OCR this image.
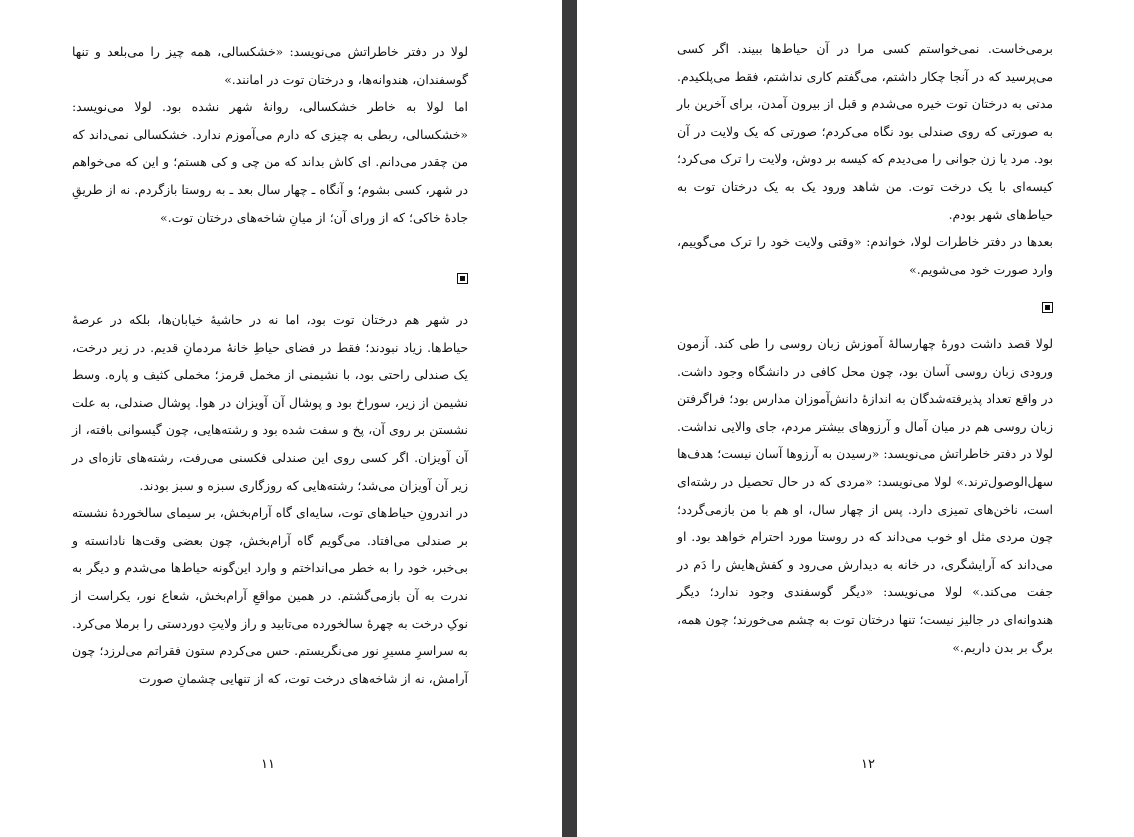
لولا در دفتر خاطراتش می‌نویسد: «خشکسالی، همه چیز را می‌بلعد و تنها گوسفندان، هندوانه‌ها، و درختان توت در امانند.»

اما لولا به خاطر خشکسالی، روانهٔ شهر نشده بود. لولا می‌نویسد: «خشکسالی، ربطی به چیزی که دارم می‌آموزم ندارد. خشکسالی نمی‌داند که من چقدر می‌دانم. ای کاش بداند که من چی و کی هستم؛ و این که می‌خواهم در شهر، کسی بشوم؛ و آنگاه ـ چهار سال بعد ـ به روستا بازگردم. نه از طریقِ جادهٔ خاکی؛ که از ورای آن؛ از میانِ شاخه‌های درختان توت.»

در شهر هم درختان توت بود، اما نه در حاشیهٔ خیابان‌ها، بلکه در عرصهٔ حیاط‌ها. زیاد نبودند؛ فقط در فضای حیاطِ خانهٔ مردمانِ قدیم. در زیر درخت، یک صندلی راحتی بود، با نشیمنی از مخمل قرمز؛ مخملی کثیف و پاره. وسط نشیمن از زیر، سوراخ بود و پوشال آن آویزان در هوا. پوشال صندلی، به علت نشستن بر روی آن، پخ و سفت شده بود و رشته‌هایی، چون گیسوانی بافته، از آن آویزان. اگر کسی روی این صندلی فکسنی می‌رفت، رشته‌های تازه‌ای در زیر آن آویزان می‌شد؛ رشته‌هایی که روزگاری سبزه و سبز بودند.

در اندرونِ حیاط‌های توت، سایه‌ای گاه آرام‌بخش، بر سیمای سالخوردهٔ نشسته بر صندلی می‌افتاد. می‌گویم گاه آرام‌بخش، چون بعضی وقت‌ها نادانسته و بی‌خبر، خود را به خطر می‌انداختم و وارد این‌گونه حیاط‌ها می‌شدم و دیگر به ندرت به آن بازمی‌گشتم. در همین مواقعِ آرام‌بخش، شعاع نور، یکراست از نوکِ درخت به چهرهٔ سالخورده می‌تابید و راز ولایتِ دوردستی را برملا می‌کرد. به سراسرِ مسیرِ نور می‌نگریستم. حس می‌کردم ستون فقراتم می‌لرزد؛ چون آرامش، نه از شاخه‌های درخت توت، که از تنهایی چشمانِ صورت

۱۱

برمی‌خاست. نمی‌خواستم کسی مرا در آن حیاط‌ها ببیند. اگر کسی می‌پرسید که در آنجا چکار داشتم، می‌گفتم کاری نداشتم، فقط می‌پلکیدم. مدتی به درختان توت خیره می‌شدم و قبل از بیرون آمدن، برای آخرین بار به صورتی که روی صندلی بود نگاه می‌کردم؛ صورتی که یک ولایت در آن بود. مرد یا زن جوانی را می‌دیدم که کیسه بر دوش، ولایت را ترک می‌کرد؛ کیسه‌ای با یک درخت توت. من شاهد ورود یک به یک درختان توت به حیاط‌های شهر بودم.

بعدها در دفتر خاطرات لولا، خواندم: «وقتی ولایت خود را ترک می‌گوییم، وارد صورت خود می‌شویم.»

لولا قصد داشت دورهٔ چهارسالهٔ آموزش زبان روسی را طی کند. آزمون ورودی زبان روسی آسان بود، چون محل کافی در دانشگاه وجود داشت. در واقع تعداد پذیرفته‌شدگان به اندازهٔ دانش‌آموزان مدارس بود؛ فراگرفتن زبان روسی هم در میان آمال و آرزوهای بیشتر مردم، جای والایی نداشت. لولا در دفتر خاطراتش می‌نویسد: «رسیدن به آرزوها آسان نیست؛ هدف‌ها سهل‌الوصول‌ترند.» لولا می‌نویسد: «مردی که در حال تحصیل در رشته‌ای است، ناخن‌های تمیزی دارد. پس از چهار سال، او هم با من بازمی‌گردد؛ چون مردی مثل او خوب می‌داند که در روستا مورد احترام خواهد بود. او می‌داند که آرایشگری، در خانه به دیدارش می‌رود و کفش‌هایش را دَم در جفت می‌کند.» لولا می‌نویسد: «دیگر گوسفندی وجود ندارد؛ دیگر هندوانه‌ای در جالیز نیست؛ تنها درختان توت به چشم می‌خورند؛ چون همه، برگ بر بدن داریم.»

۱۲
